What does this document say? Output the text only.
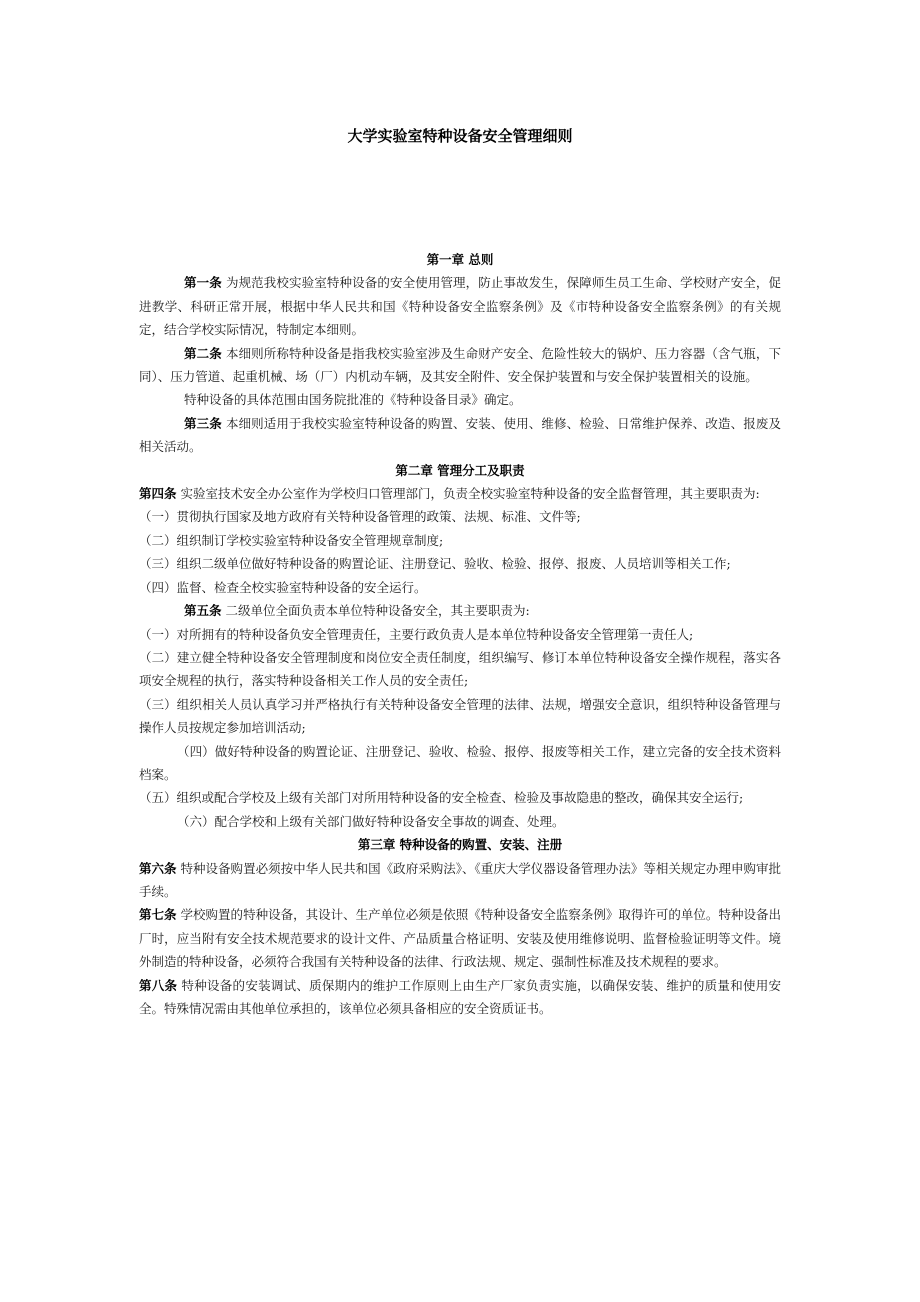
大学实验室特种设备安全管理细则

第一章 总则

第一条 为规范我校实验室特种设备的安全使用管理，防止事故发生，保障师生员工生命、学校财产安全，促进教学、科研正常开展，根据中华人民共和国《特种设备安全监察条例》及《市特种设备安全监察条例》的有关规定，结合学校实际情况，特制定本细则。

第二条 本细则所称特种设备是指我校实验室涉及生命财产安全、危险性较大的锅炉、压力容器（含气瓶，下同）、压力管道、起重机械、场（厂）内机动车辆，及其安全附件、安全保护装置和与安全保护装置相关的设施。

特种设备的具体范围由国务院批准的《特种设备目录》确定。

第三条 本细则适用于我校实验室特种设备的购置、安装、使用、维修、检验、日常维护保养、改造、报废及相关活动。

第二章 管理分工及职责

第四条 实验室技术安全办公室作为学校归口管理部门，负责全校实验室特种设备的安全监督管理，其主要职责为:

（一）贯彻执行国家及地方政府有关特种设备管理的政策、法规、标准、文件等;

（二）组织制订学校实验室特种设备安全管理规章制度;

（三）组织二级单位做好特种设备的购置论证、注册登记、验收、检验、报停、报废、人员培训等相关工作;

（四）监督、检查全校实验室特种设备的安全运行。

第五条 二级单位全面负责本单位特种设备安全，其主要职责为:

（一）对所拥有的特种设备负安全管理责任，主要行政负责人是本单位特种设备安全管理第一责任人;

（二）建立健全特种设备安全管理制度和岗位安全责任制度，组织编写、修订本单位特种设备安全操作规程，落实各项安全规程的执行，落实特种设备相关工作人员的安全责任;

（三）组织相关人员认真学习并严格执行有关特种设备安全管理的法律、法规，增强安全意识，组织特种设备管理与操作人员按规定参加培训活动;

（四）做好特种设备的购置论证、注册登记、验收、检验、报停、报废等相关工作，建立完备的安全技术资料档案。

（五）组织或配合学校及上级有关部门对所用特种设备的安全检查、检验及事故隐患的整改，确保其安全运行;

（六）配合学校和上级有关部门做好特种设备安全事故的调查、处理。

第三章 特种设备的购置、安装、注册

第六条 特种设备购置必须按中华人民共和国《政府采购法》、《重庆大学仪器设备管理办法》等相关规定办理申购审批手续。

第七条 学校购置的特种设备，其设计、生产单位必须是依照《特种设备安全监察条例》取得许可的单位。特种设备出厂时，应当附有安全技术规范要求的设计文件、产品质量合格证明、安装及使用维修说明、监督检验证明等文件。境外制造的特种设备，必须符合我国有关特种设备的法律、行政法规、规定、强制性标准及技术规程的要求。

第八条 特种设备的安装调试、质保期内的维护工作原则上由生产厂家负责实施，以确保安装、维护的质量和使用安全。特殊情况需由其他单位承担的，该单位必须具备相应的安全资质证书。
